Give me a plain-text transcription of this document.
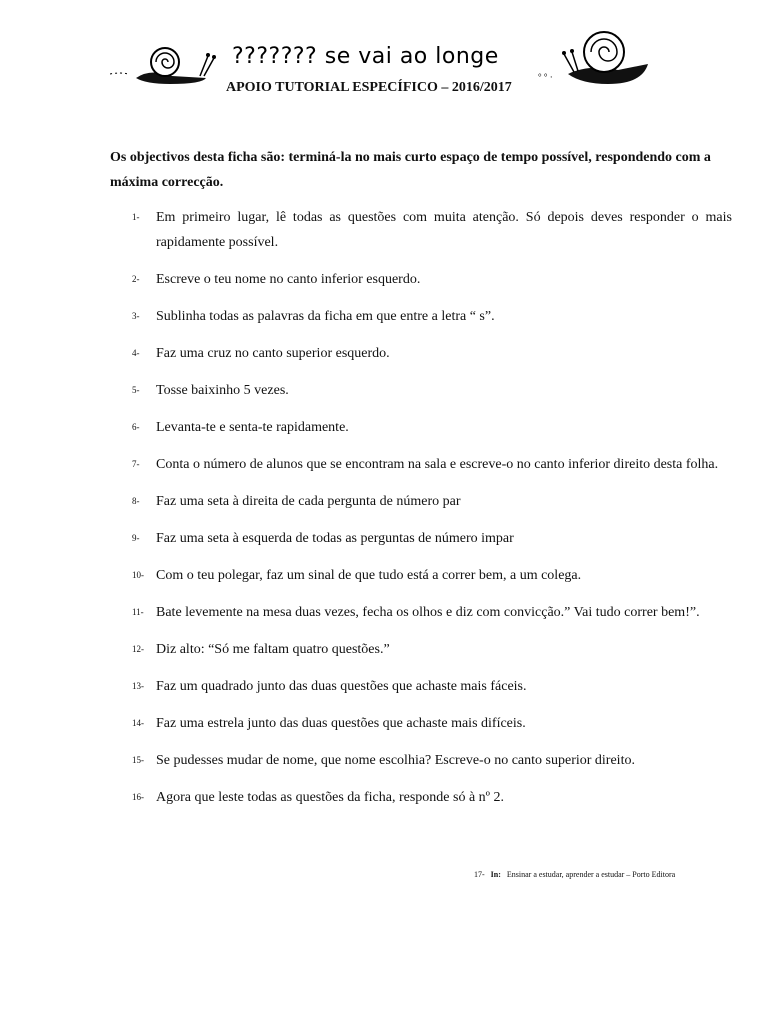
° ° ·
??????? se vai ao longe
APOIO TUTORIAL ESPECÍFICO – 2016/2017
Os objectivos desta ficha são: terminá-la no mais curto espaço de tempo possível, respondendo com a máxima correcção.
1-	Em primeiro lugar, lê todas as questões com muita atenção. Só depois deves responder o mais rapidamente possível.
2-	Escreve o teu nome no canto inferior esquerdo.
3-	Sublinha todas as palavras da ficha em que entre a letra “ s”.
4-	Faz uma cruz no canto superior esquerdo.
5-	Tosse baixinho 5 vezes.
6-	Levanta-te e senta-te rapidamente.
7-	Conta o número de alunos que se encontram na sala e escreve-o no canto inferior direito desta folha.
8-	Faz uma seta à direita de cada pergunta de número par
9-	Faz uma seta à esquerda de todas as perguntas de número impar
10- Com o teu polegar, faz um sinal de que tudo está a correr bem, a um colega.
11- Bate levemente na mesa duas vezes, fecha os olhos e diz com convicção.” Vai tudo correr bem!”.
12- Diz alto: “Só me faltam quatro questões.”
13- Faz um quadrado junto das duas questões que achaste mais fáceis.
14- Faz uma estrela junto das duas questões que achaste mais difíceis.
15- Se pudesses mudar de nome, que nome escolhia? Escreve-o no canto superior direito.
16- Agora que leste todas as questões da ficha, responde só à nº 2.
17- In: Ensinar a estudar, aprender a estudar – Porto Editora
